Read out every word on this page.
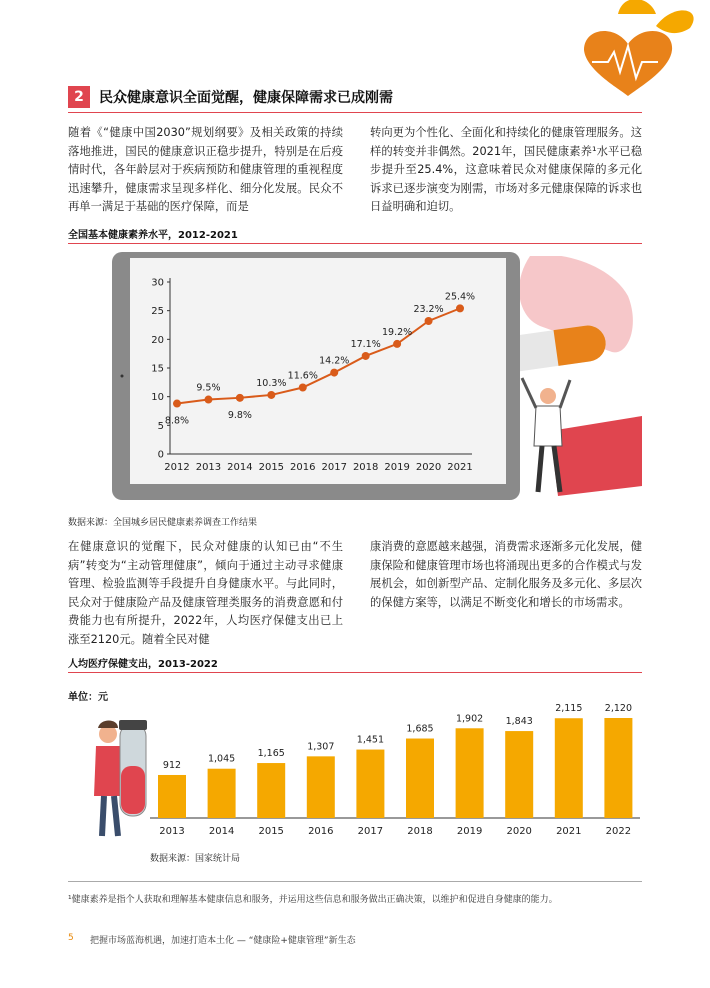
2	民众健康意识全面觉醒，健康保障需求已成刚需
随着《“健康中国2030”规划纲要》及相关政策的持续落地推进，国民的健康意识正稳步提升，特别是在后疫情时代，各年龄层对于疾病预防和健康管理的重视程度迅速攀升，健康需求呈现多样化、细分化发展。民众不再单一满足于基础的医疗保障，而是
转向更为个性化、全面化和持续化的健康管理服务。这样的转变并非偶然。2021年，国民健康素养¹水平已稳步提升至25.4%，这意味着民众对健康保障的多元化诉求已逐步演变为刚需，市场对多元健康保障的诉求也日益明确和迫切。
全国基本健康素养水平，2012-2021
0
5
10
15
20
25
30
2012 2013 2014 2015 2016 2017 2018 2019 2020 2021
8.8%
9.5%
9.8%
10.3%
11.6%
14.2%
17.1%
19.2%
23.2%
25.4%
数据来源：全国城乡居民健康素养调查工作结果
在健康意识的觉醒下，民众对健康的认知已由“不生病”转变为“主动管理健康”，倾向于通过主动寻求健康管理、检验监测等手段提升自身健康水平。与此同时，民众对于健康险产品及健康管理类服务的消费意愿和付费能力也有所提升，2022年，人均医疗保健支出已上涨至2120元。随着全民对健
康消费的意愿越来越强，消费需求逐渐多元化发展，健康保险和健康管理市场也将涌现出更多的合作模式与发展机会，如创新型产品、定制化服务及多元化、多层次的保健方案等，以满足不断变化和增长的市场需求。
人均医疗保健支出，2013-2022
单位：元
912
1,045
1,165
1,307
1,451
1,685
1,902 1,843
2,115 2,120
2013 2014 2015 2016 2017 2018 2019 2020 2021 2022
数据来源：国家统计局
¹健康素养是指个人获取和理解基本健康信息和服务，并运用这些信息和服务做出正确决策，以维护和促进自身健康的能力。
5 把握市场蓝海机遇，加速打造本土化 — “健康险+健康管理”新生态
